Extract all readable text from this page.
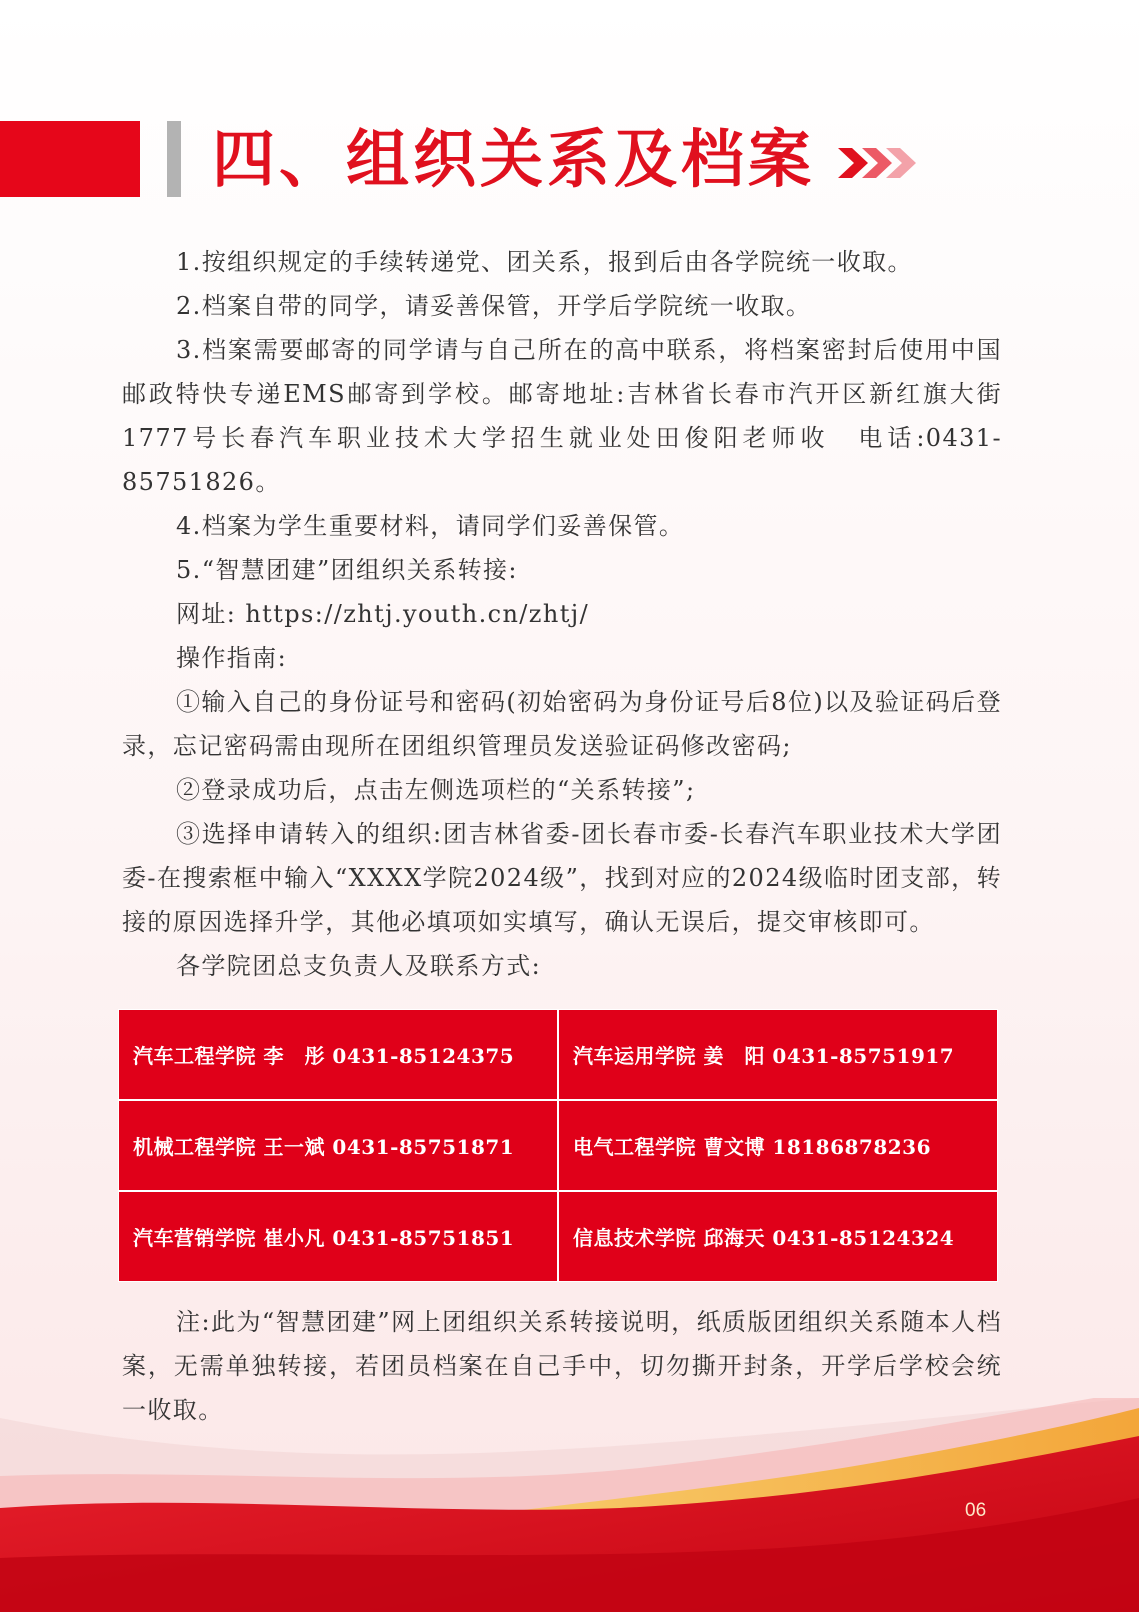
四、组织关系及档案

1.按组织规定的手续转递党、团关系，报到后由各学院统一收取。

2.档案自带的同学，请妥善保管，开学后学院统一收取。

3.档案需要邮寄的同学请与自己所在的高中联系，将档案密封后使用中国邮政特快专递EMS邮寄到学校。邮寄地址:吉林省长春市汽开区新红旗大街1777号长春汽车职业技术大学招生就业处田俊阳老师收　电话:0431-85751826。

4.档案为学生重要材料，请同学们妥善保管。

5.“智慧团建”团组织关系转接:

网址: https://zhtj.youth.cn/zhtj/

操作指南:

①输入自己的身份证号和密码(初始密码为身份证号后8位)以及验证码后登录，忘记密码需由现所在团组织管理员发送验证码修改密码;

②登录成功后，点击左侧选项栏的“关系转接”;

③选择申请转入的组织:团吉林省委-团长春市委-长春汽车职业技术大学团委-在搜索框中输入“XXXX学院2024级”，找到对应的2024级临时团支部，转接的原因选择升学，其他必填项如实填写，确认无误后，提交审核即可。

各学院团总支负责人及联系方式:

汽车工程学院 李　彤 0431-85124375	汽车运用学院 姜　阳 0431-85751917
机械工程学院 王一斌 0431-85751871	电气工程学院 曹文博 18186878236
汽车营销学院 崔小凡 0431-85751851	信息技术学院 邱海天 0431-85124324

注:此为“智慧团建”网上团组织关系转接说明，纸质版团组织关系随本人档案，无需单独转接，若团员档案在自己手中，切勿撕开封条，开学后学校会统一收取。

06
